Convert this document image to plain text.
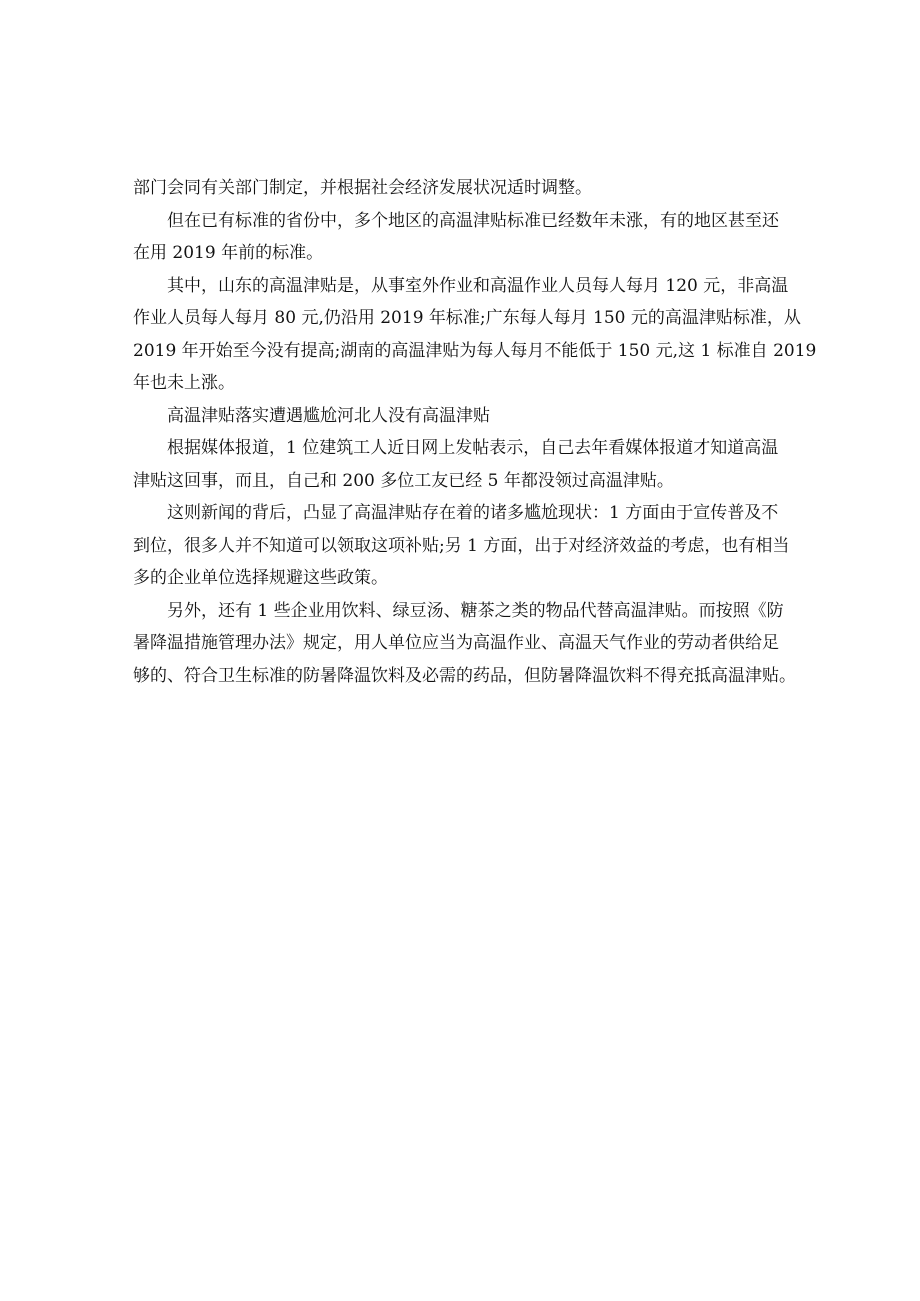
部门会同有关部门制定，并根据社会经济发展状况适时调整。

但在已有标准的省份中，多个地区的高温津贴标准已经数年未涨，有的地区甚至还
在用 2019 年前的标准。

其中，山东的高温津贴是，从事室外作业和高温作业人员每人每月 120 元，非高温
作业人员每人每月 80 元,仍沿用 2019 年标准;广东每人每月 150 元的高温津贴标准，从
2019 年开始至今没有提高;湖南的高温津贴为每人每月不能低于 150 元,这 1 标准自 2019
年也未上涨。

高温津贴落实遭遇尴尬河北人没有高温津贴

根据媒体报道，1 位建筑工人近日网上发帖表示，自己去年看媒体报道才知道高温
津贴这回事，而且，自己和 200 多位工友已经 5 年都没领过高温津贴。

这则新闻的背后，凸显了高温津贴存在着的诸多尴尬现状：1 方面由于宣传普及不
到位，很多人并不知道可以领取这项补贴;另 1 方面，出于对经济效益的考虑，也有相当
多的企业单位选择规避这些政策。

另外，还有 1 些企业用饮料、绿豆汤、糖茶之类的物品代替高温津贴。而按照《防
暑降温措施管理办法》规定，用人单位应当为高温作业、高温天气作业的劳动者供给足
够的、符合卫生标准的防暑降温饮料及必需的药品，但防暑降温饮料不得充抵高温津贴。
